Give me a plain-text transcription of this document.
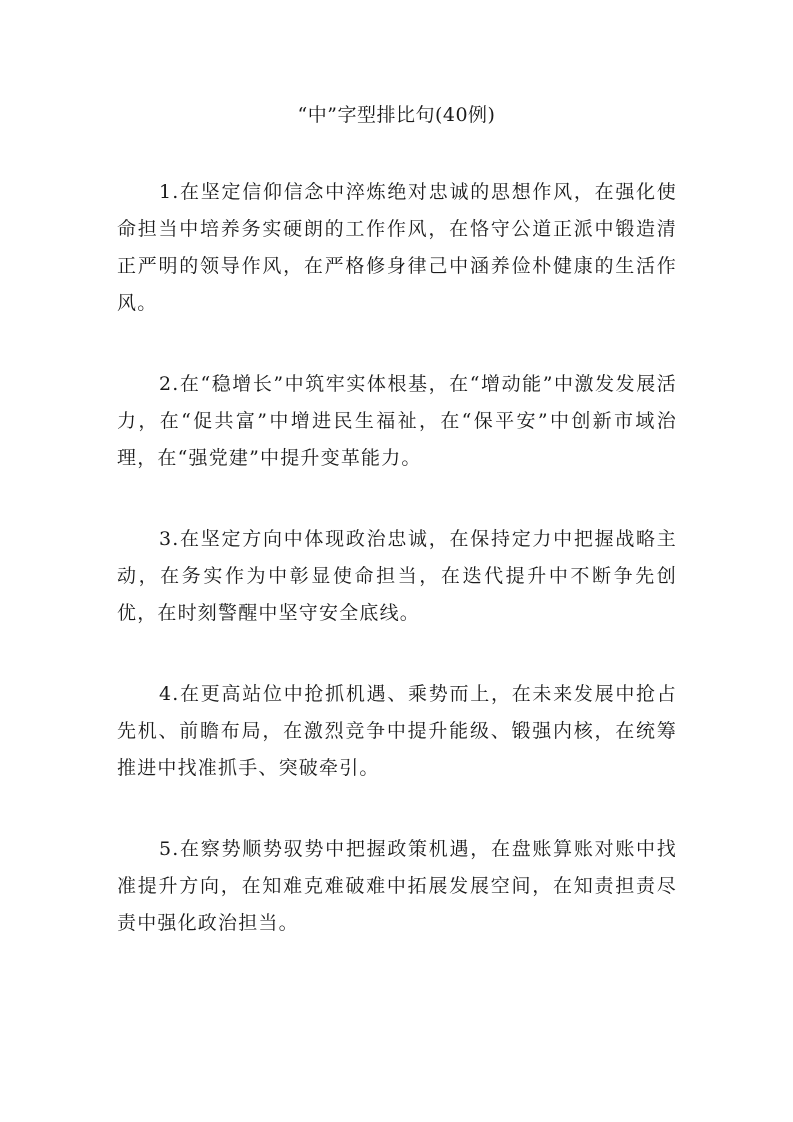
“中”字型排比句(40例)

1.在坚定信仰信念中淬炼绝对忠诚的思想作风，在强化使命担当中培养务实硬朗的工作作风，在恪守公道正派中锻造清正严明的领导作风，在严格修身律己中涵养俭朴健康的生活作风。

2.在“稳增长”中筑牢实体根基，在“增动能”中激发发展活力，在“促共富”中增进民生福祉，在“保平安”中创新市域治理，在“强党建”中提升变革能力。

3.在坚定方向中体现政治忠诚，在保持定力中把握战略主动，在务实作为中彰显使命担当，在迭代提升中不断争先创优，在时刻警醒中坚守安全底线。

4.在更高站位中抢抓机遇、乘势而上，在未来发展中抢占先机、前瞻布局，在激烈竞争中提升能级、锻强内核，在统筹推进中找准抓手、突破牵引。

5.在察势顺势驭势中把握政策机遇，在盘账算账对账中找准提升方向，在知难克难破难中拓展发展空间，在知责担责尽责中强化政治担当。
